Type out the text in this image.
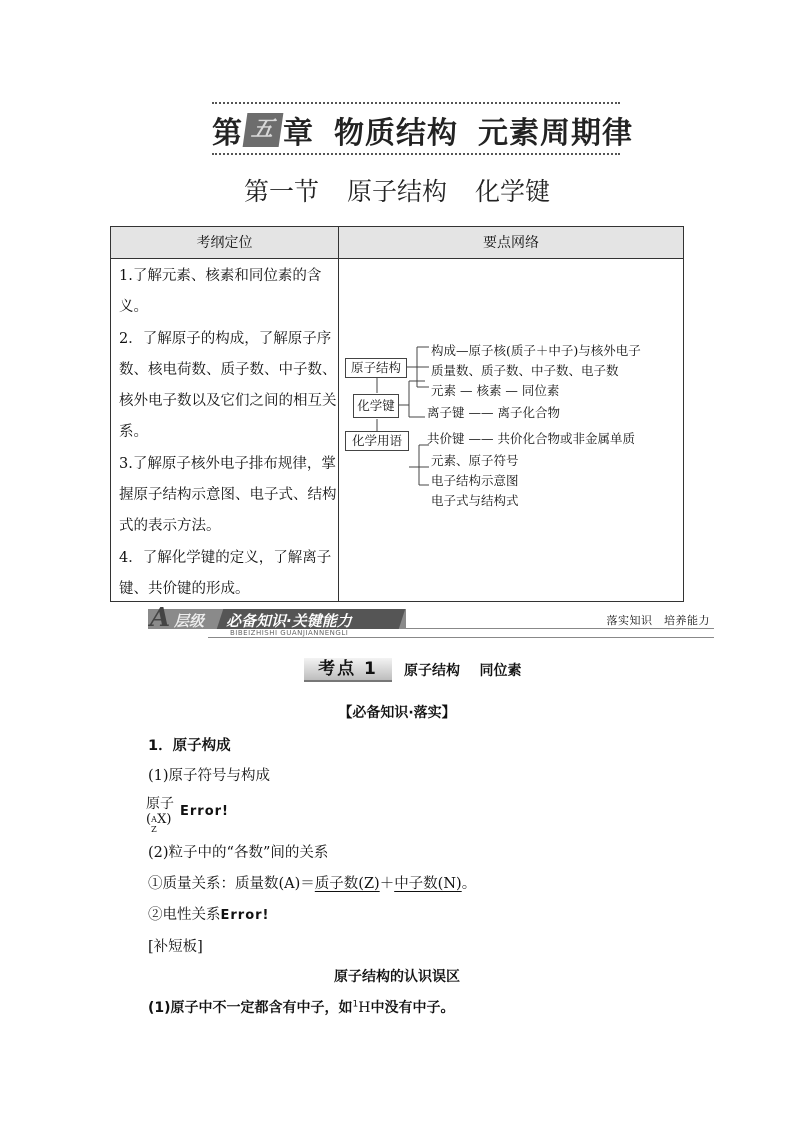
第 五 章 物质结构 元素周期律
第一节 原子结构 化学键
考纲定位	要点网络

1.了解元素、核素和同位素的含义。

2．了解原子的构成，了解原子序数、核电荷数、质子数、中子数、核外电子数以及它们之间的相互关系。

3.了解原子核外电子排布规律，掌握原子结构示意图、电子式、结构式的表示方法。

4．了解化学键的定义，了解离子键、共价键的形成。

原子结构
化学键
化学用语
构成—原子核(质子＋中子)与核外电子
质量数、质子数、中子数、电子数
元素 — 核素 — 同位素
离子键 —— 离子化合物
共价键 —— 共价化合物或非金属单质
元素、原子符号
电子结构示意图
电子式与结构式
A 层级 必备知识·关键能力
BIBEIZHISHI GUANJIANNENGLI
落实知识　培养能力
考点 1 原子结构 同位素
【必备知识·落实】
1．原子构成
(1)原子符号与构成
原子
( A
Z
X)
Error!
(2)粒子中的“各数”间的关系
①质量关系：质量数(A)＝质子数(Z)＋中子数(N)。
②电性关系Error!
[补短板]
原子结构的认识误区
(1)原子中不一定都含有中子，如$^1$H中没有中子。
